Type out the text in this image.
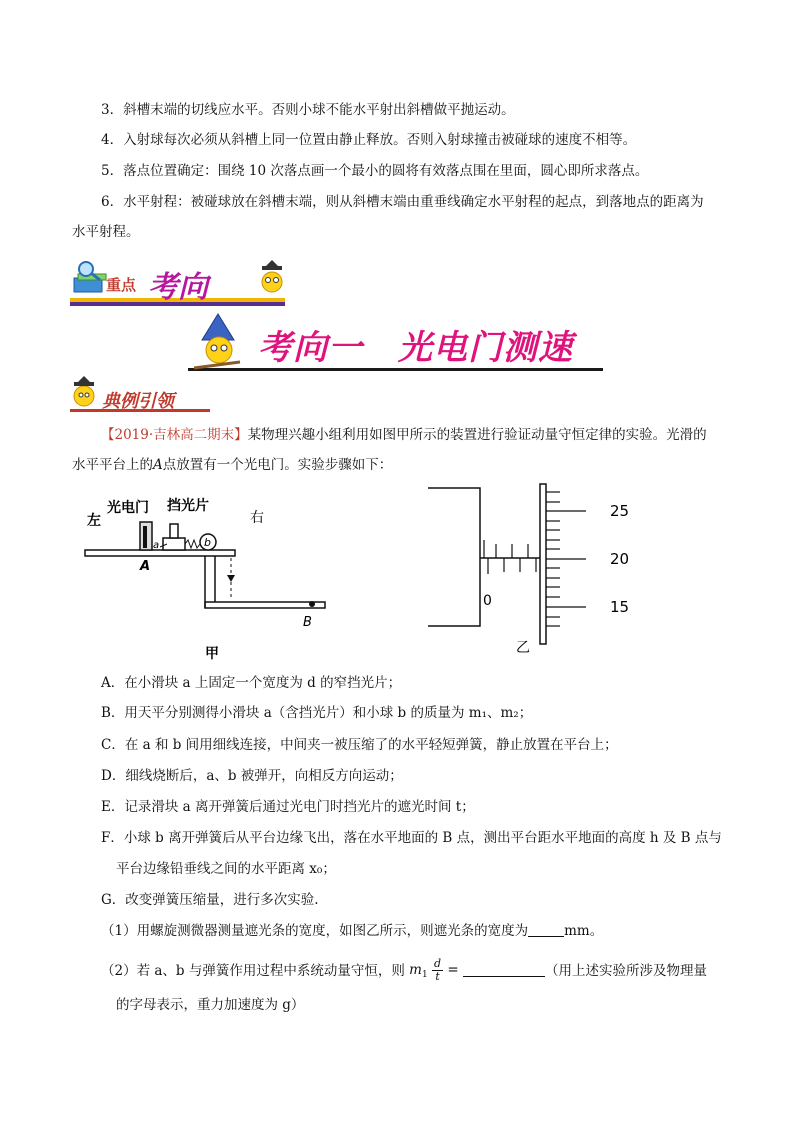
3．斜槽末端的切线应水平。否则小球不能水平射出斜槽做平抛运动。
4．入射球每次必须从斜槽上同一位置由静止释放。否则入射球撞击被碰球的速度不相等。
5．落点位置确定：围绕 10 次落点画一个最小的圆将有效落点围在里面，圆心即所求落点。
6．水平射程：被碰球放在斜槽末端，则从斜槽末端由重垂线确定水平射程的起点，到落地点的距离为
水平射程。
重点 考向
考向一　光电门测速
典例引领
【2019·吉林高二期末】某物理兴趣小组利用如图甲所示的装置进行验证动量守恒定律的实验。光滑的
水平平台上的A点放置有一个光电门。实验步骤如下：
左
光电门 挡光片
右
a	b
A
B
甲
25
20
15
0
乙
A．在小滑块 a 上固定一个宽度为 d 的窄挡光片；
B．用天平分别测得小滑块 a（含挡光片）和小球 b 的质量为 m₁、m₂；
C．在 a 和 b 间用细线连接，中间夹一被压缩了的水平轻短弹簧，静止放置在平台上；
D．细线烧断后，a、b 被弹开，向相反方向运动；
E．记录滑块 a 离开弹簧后通过光电门时挡光片的遮光时间 t；
F．小球 b 离开弹簧后从平台边缘飞出，落在水平地面的 B 点，测出平台距水平地面的高度 h 及 B 点与
平台边缘铅垂线之间的水平距离 x₀；
G．改变弹簧压缩量，进行多次实验.
（1）用螺旋测微器测量遮光条的宽度，如图乙所示，则遮光条的宽度为	mm。
（2）若 a、b 与弹簧作用过程中系统动量守恒，则 $m_1 \frac{d}{t}$ =	（用上述实验所涉及物理量
的字母表示，重力加速度为 g）
